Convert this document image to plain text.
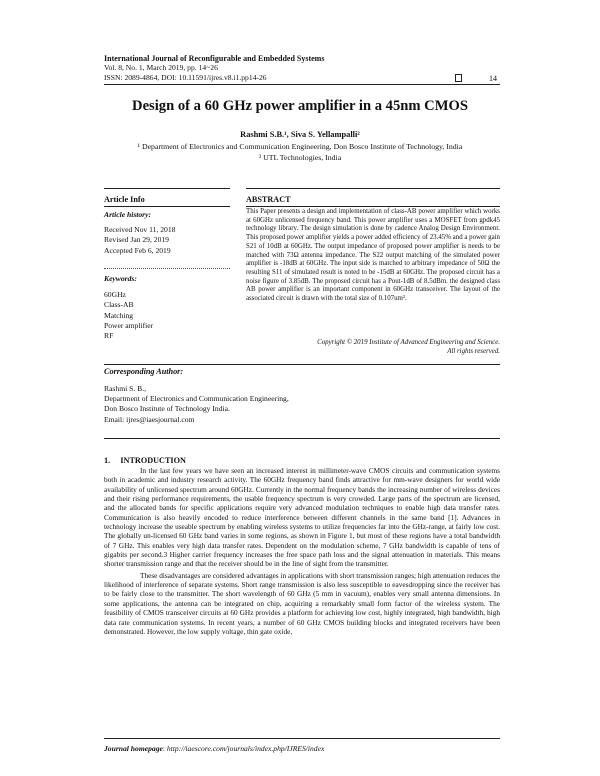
International Journal of Reconfigurable and Embedded Systems
Vol. 8, No. 1, March 2019, pp. 14~26
ISSN: 2089-4864, DOI: 10.11591/ijres.v8.i1.pp14-26	14
Design of a 60 GHz power amplifier in a 45nm CMOS
Rashmi S.B.¹, Siva S. Yellampalli²
¹ Department of Electronics and Communication Engineering, Don Bosco Institute of Technology, India
² UTL Technologies, India
Article Info	ABSTRACT
Article history:
Received Nov 11, 2018
Revised Jan 29, 2019
Accepted Feb 6, 2019
Keywords:
60GHz
Class-AB
Matching
Power amplifier
RF
This Paper presents a design and implementation of class-AB power amplifier which works at 60GHz unlicensed frequency band. This power amplifier uses a MOSFET from gpdk45 technology library. The design simulation is done by cadence Analog Design Environment. This proposed power amplifier yields a power added efficiency of 23.45% and a power gain S21 of 10dB at 60GHz. The output impedance of proposed power amplifier is needs to be matched with 73Ω antenna impedance. The S22 output matching of the simulated power amplifier is -18dB at 60GHz. The input side is matched to arbitrary impedance of 50Ω the resulting S11 of simulated result is noted to be -15dB at 60GHz. The proposed circuit has a noise figure of 3.85dB. The proposed circuit has a Pout-1dB of 8.5dBm. the designed class AB power amplifier is an important component in 60GHz transceiver. The layout of the associated circuit is drawn with the total size of 0.107um².
Copyright © 2019 Institute of Advanced Engineering and Science.
All rights reserved.
Corresponding Author:
Rashmi S. B.,
Department of Electronics and Communication Engineering,
Don Bosco Institute of Technology India.
Email: ijres@iaesjournal.com
1.     INTRODUCTION

In the last few years we have seen an increased interest in millimeter-wave CMOS circuits and communication systems both in academic and industry research activity. The 60GHz frequency band finds attractive for mm-wave designers for world wide availability of unlicensed spectrum around 60GHz. Currently in the normal frequency bands the increasing number of wireless devices and their rising performance requirements, the usable frequency spectrum is very crowded. Large parts of the spectrum are licensed, and the allocated bands for specific applications require very advanced modulation techniques to enable high data transfer rates. Communication is also heavily encoded to reduce interference between different channels in the same band [1]. Advances in technology increase the useable spectrum by enabling wireless systems to utilize frequencies far into the GHz-range, at fairly low cost. The globally un-licensed 60 GHz band varies in some regions, as shown in Figure 1, but most of these regions have a total bandwidth of 7 GHz. This enables very high data transfer rates. Dependent on the modulation scheme, 7 GHz bandwidth is capable of tens of gigabits per second.3 Higher carrier frequency increases the free space path loss and the signal attenuation in materials. This means shorter transmission range and that the receiver should be in the line of sight from the transmitter.

These disadvantages are considered advantages in applications with short transmission ranges; high attenuation reduces the likelihood of interference of separate systems. Short range transmission is also less susceptible to eavesdropping since the receiver has to be fairly close to the transmitter. The short wavelength of 60 GHz (5 mm in vacuum), enables very small antenna dimensions. In some applications, the antenna can be integrated on chip, acquiring a remarkably small form factor of the wireless system. The feasibility of CMOS transceiver circuits at 60 GHz provides a platform for achieving low cost, highly integrated, high bandwidth, high data rate communication systems. In recent years, a number of 60 GHz CMOS building blocks and integrated receivers have been demonstrated. However, the low supply voltage, thin gate oxide,

Journal homepage: http://iaescore.com/journals/index.php/IJRES/index
